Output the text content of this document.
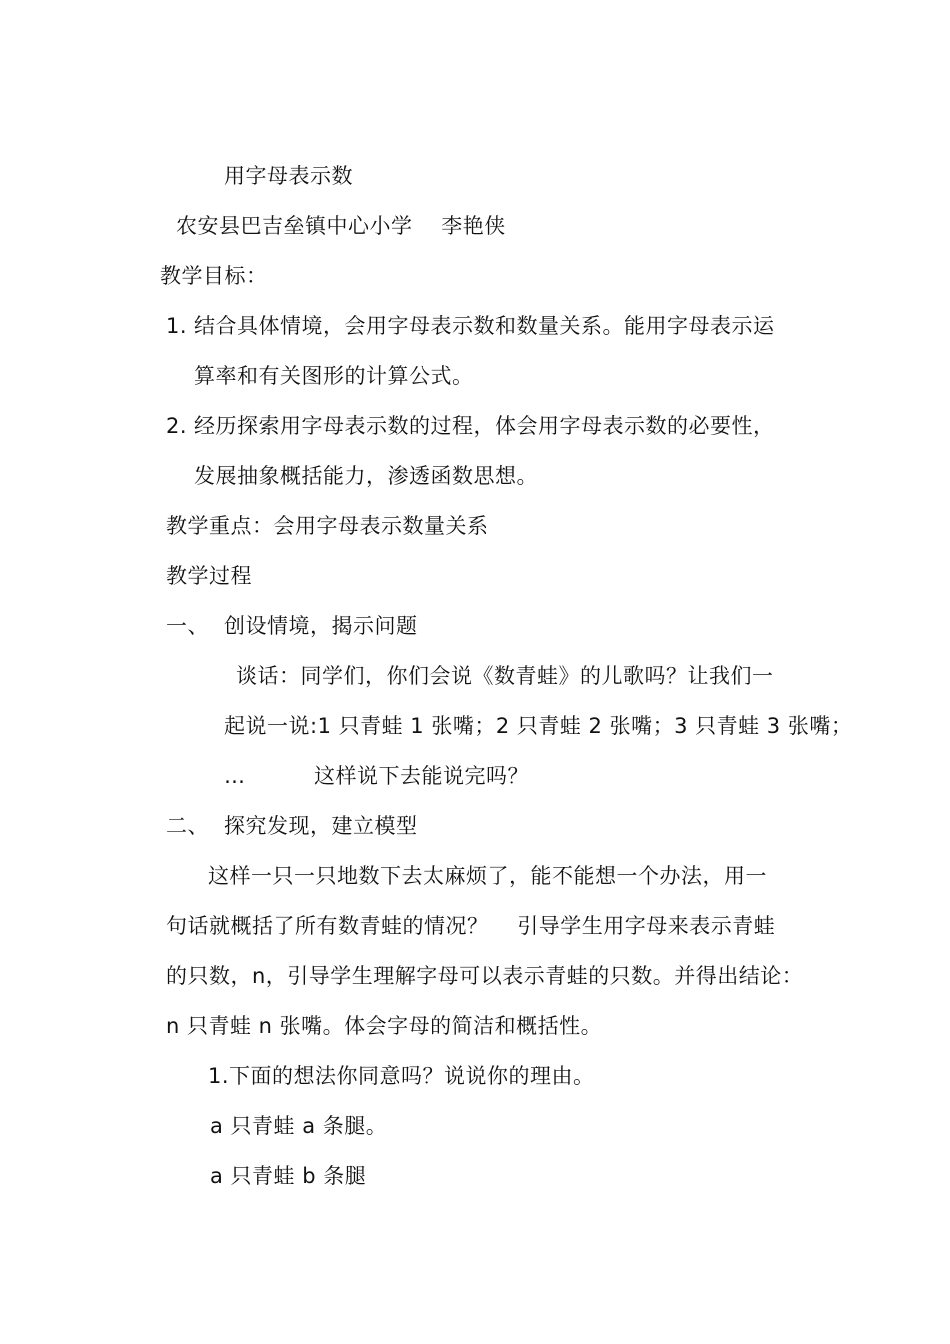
用字母表示数
农安县巴吉垒镇中心小学    李艳侠
教学目标：
1. 结合具体情境，会用字母表示数和数量关系。能用字母表示运
算率和有关图形的计算公式。
2. 经历探索用字母表示数的过程，体会用字母表示数的必要性，
发展抽象概括能力，渗透函数思想。
教学重点：会用字母表示数量关系
教学过程
一、 创设情境，揭示问题
谈话：同学们，你们会说《数青蛙》的儿歌吗？让我们一
起说一说:1 只青蛙 1 张嘴；2 只青蛙 2 张嘴；3 只青蛙 3 张嘴；
…	这样说下去能说完吗？
二、 探究发现，建立模型
这样一只一只地数下去太麻烦了，能不能想一个办法，用一
句话就概括了所有数青蛙的情况？    引导学生用字母来表示青蛙
的只数，n，引导学生理解字母可以表示青蛙的只数。并得出结论：
n 只青蛙 n 张嘴。体会字母的简洁和概括性。
1.下面的想法你同意吗？说说你的理由。
a 只青蛙 a 条腿。
a 只青蛙 b 条腿
